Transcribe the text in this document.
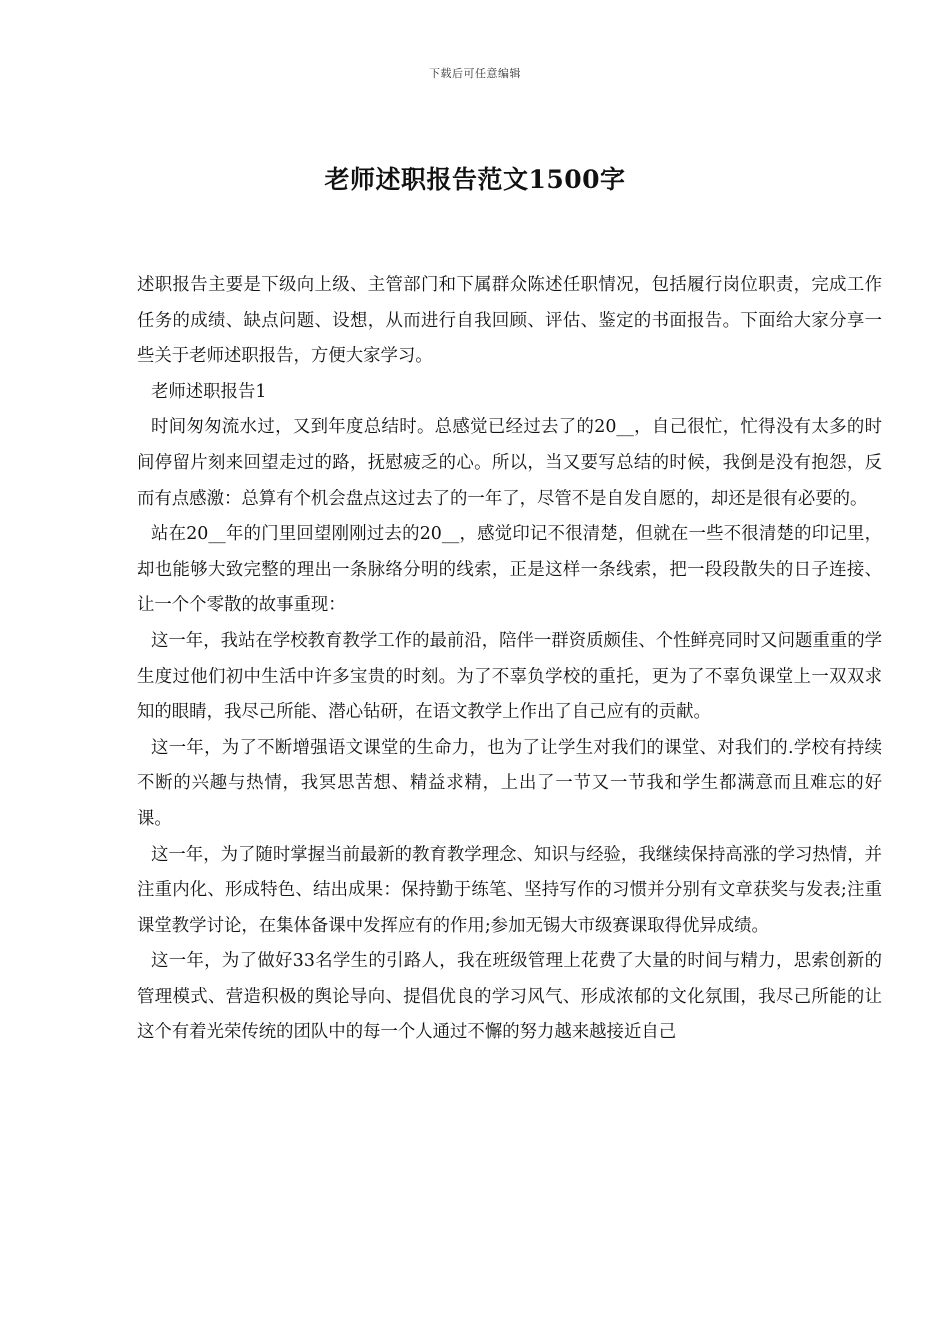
下载后可任意编辑
老师述职报告范文1500字

述职报告主要是下级向上级、主管部门和下属群众陈述任职情况，包括履行岗位职责，完成工作任务的成绩、缺点问题、设想，从而进行自我回顾、评估、鉴定的书面报告。下面给大家分享一些关于老师述职报告，方便大家学习。

老师述职报告1

时间匆匆流水过，又到年度总结时。总感觉已经过去了的20__，自己很忙，忙得没有太多的时间停留片刻来回望走过的路，抚慰疲乏的心。所以，当又要写总结的时候，我倒是没有抱怨，反而有点感激：总算有个机会盘点这过去了的一年了，尽管不是自发自愿的，却还是很有必要的。

站在20__年的门里回望刚刚过去的20__，感觉印记不很清楚，但就在一些不很清楚的印记里，却也能够大致完整的理出一条脉络分明的线索，正是这样一条线索，把一段段散失的日子连接、让一个个零散的故事重现：

这一年，我站在学校教育教学工作的最前沿，陪伴一群资质颇佳、个性鲜亮同时又问题重重的学生度过他们初中生活中许多宝贵的时刻。为了不辜负学校的重托，更为了不辜负课堂上一双双求知的眼睛，我尽己所能、潜心钻研，在语文教学上作出了自己应有的贡献。

这一年，为了不断增强语文课堂的生命力，也为了让学生对我们的课堂、对我们的.学校有持续不断的兴趣与热情，我冥思苦想、精益求精，上出了一节又一节我和学生都满意而且难忘的好课。

这一年，为了随时掌握当前最新的教育教学理念、知识与经验，我继续保持高涨的学习热情，并注重内化、形成特色、结出成果：保持勤于练笔、坚持写作的习惯并分别有文章获奖与发表;注重课堂教学讨论，在集体备课中发挥应有的作用;参加无锡大市级赛课取得优异成绩。

这一年，为了做好33名学生的引路人，我在班级管理上花费了大量的时间与精力，思索创新的管理模式、营造积极的舆论导向、提倡优良的学习风气、形成浓郁的文化氛围，我尽己所能的让这个有着光荣传统的团队中的每一个人通过不懈的努力越来越接近自己
